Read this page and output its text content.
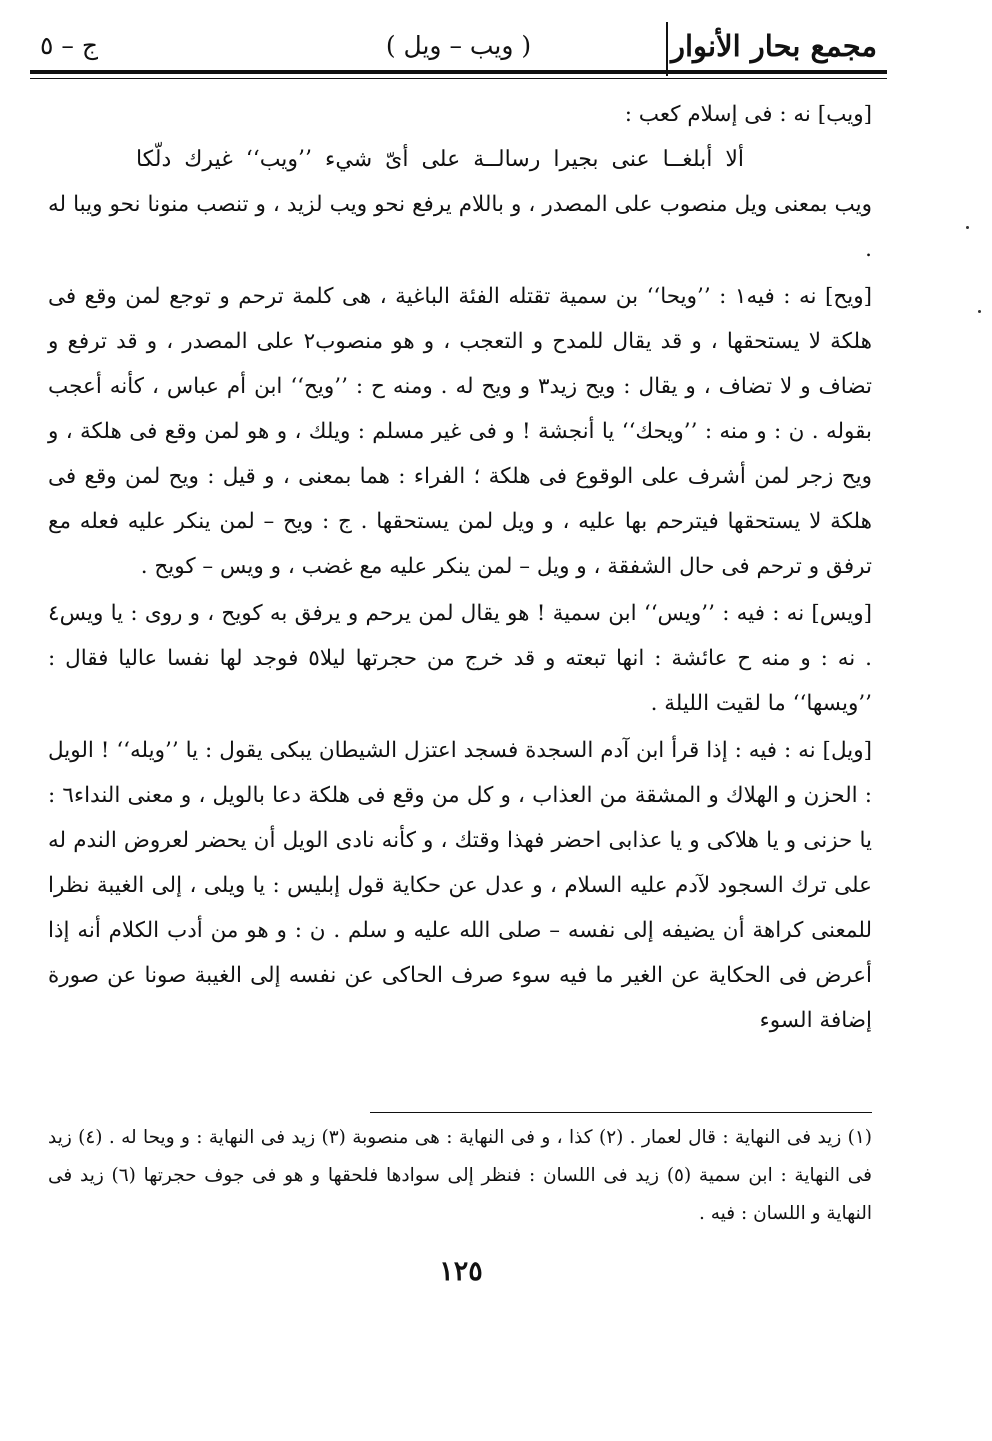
مجمع بحار الأنوار
( ويب – ويل )
ج – ٥

[ويب] نه : فى إسلام كعب :

ألا أبلغــا عنى بجيرا رسالــة على أىّ شيء ’’ويب‘‘ غيرك دلّكا

ويب بمعنى ويل منصوب على المصدر ، و باللام يرفع نحو ويب لزيد ، و تنصب منونا نحو ويبا له .

[ويح] نه : فيه١ : ’’ويحا‘‘ بن سمية تقتله الفئة الباغية ، هى كلمة ترحم و توجع لمن وقع فى هلكة لا يستحقها ، و قد يقال للمدح و التعجب ، و هو منصوب٢ على المصدر ، و قد ترفع و تضاف و لا تضاف ، و يقال : ويح زيد٣ و ويح له . ومنه ح : ’’ويح‘‘ ابن أم عباس ، كأنه أعجب بقوله . ن : و منه : ’’ويحك‘‘ يا أنجشة ! و فى غير مسلم : ويلك ، و هو لمن وقع فى هلكة ، و ويح زجر لمن أشرف على الوقوع فى هلكة ؛ الفراء : هما بمعنى ، و قيل : ويح لمن وقع فى هلكة لا يستحقها فيترحم بها عليه ، و ويل لمن يستحقها . ج : ويح – لمن ينكر عليه فعله مع ترفق و ترحم فى حال الشفقة ، و ويل – لمن ينكر عليه مع غضب ، و ويس – كويح .

[ويس] نه : فيه : ’’ويس‘‘ ابن سمية ! هو يقال لمن يرحم و يرفق به كويح ، و روى : يا ويس٤ . نه : و منه ح عائشة : انها تبعته و قد خرج من حجرتها ليلا٥ فوجد لها نفسا عاليا فقال : ’’ويسها‘‘ ما لقيت الليلة .

[ويل] نه : فيه : إذا قرأ ابن آدم السجدة فسجد اعتزل الشيطان يبكى يقول : يا ’’ويله‘‘ ! الويل : الحزن و الهلاك و المشقة من العذاب ، و كل من وقع فى هلكة دعا بالويل ، و معنى النداء٦ : يا حزنى و يا هلاكى و يا عذابى احضر فهذا وقتك ، و كأنه نادى الويل أن يحضر لعروض الندم له على ترك السجود لآدم عليه السلام ، و عدل عن حكاية قول إبليس : يا ويلى ، إلى الغيبة نظرا للمعنى كراهة أن يضيفه إلى نفسه – صلى الله عليه و سلم . ن : و هو من أدب الكلام أنه إذا أعرض فى الحكاية عن الغير ما فيه سوء صرف الحاكى عن نفسه إلى الغيبة صونا عن صورة إضافة السوء

(١) زيد فى النهاية : قال لعمار . (٢) كذا ، و فى النهاية : هى منصوبة (٣) زيد فى النهاية : و ويحا له . (٤) زيد فى النهاية : ابن سمية (٥) زيد فى اللسان : فنظر إلى سوادها فلحقها و هو فى جوف حجرتها (٦) زيد فى النهاية و اللسان : فيه .

١٢٥
